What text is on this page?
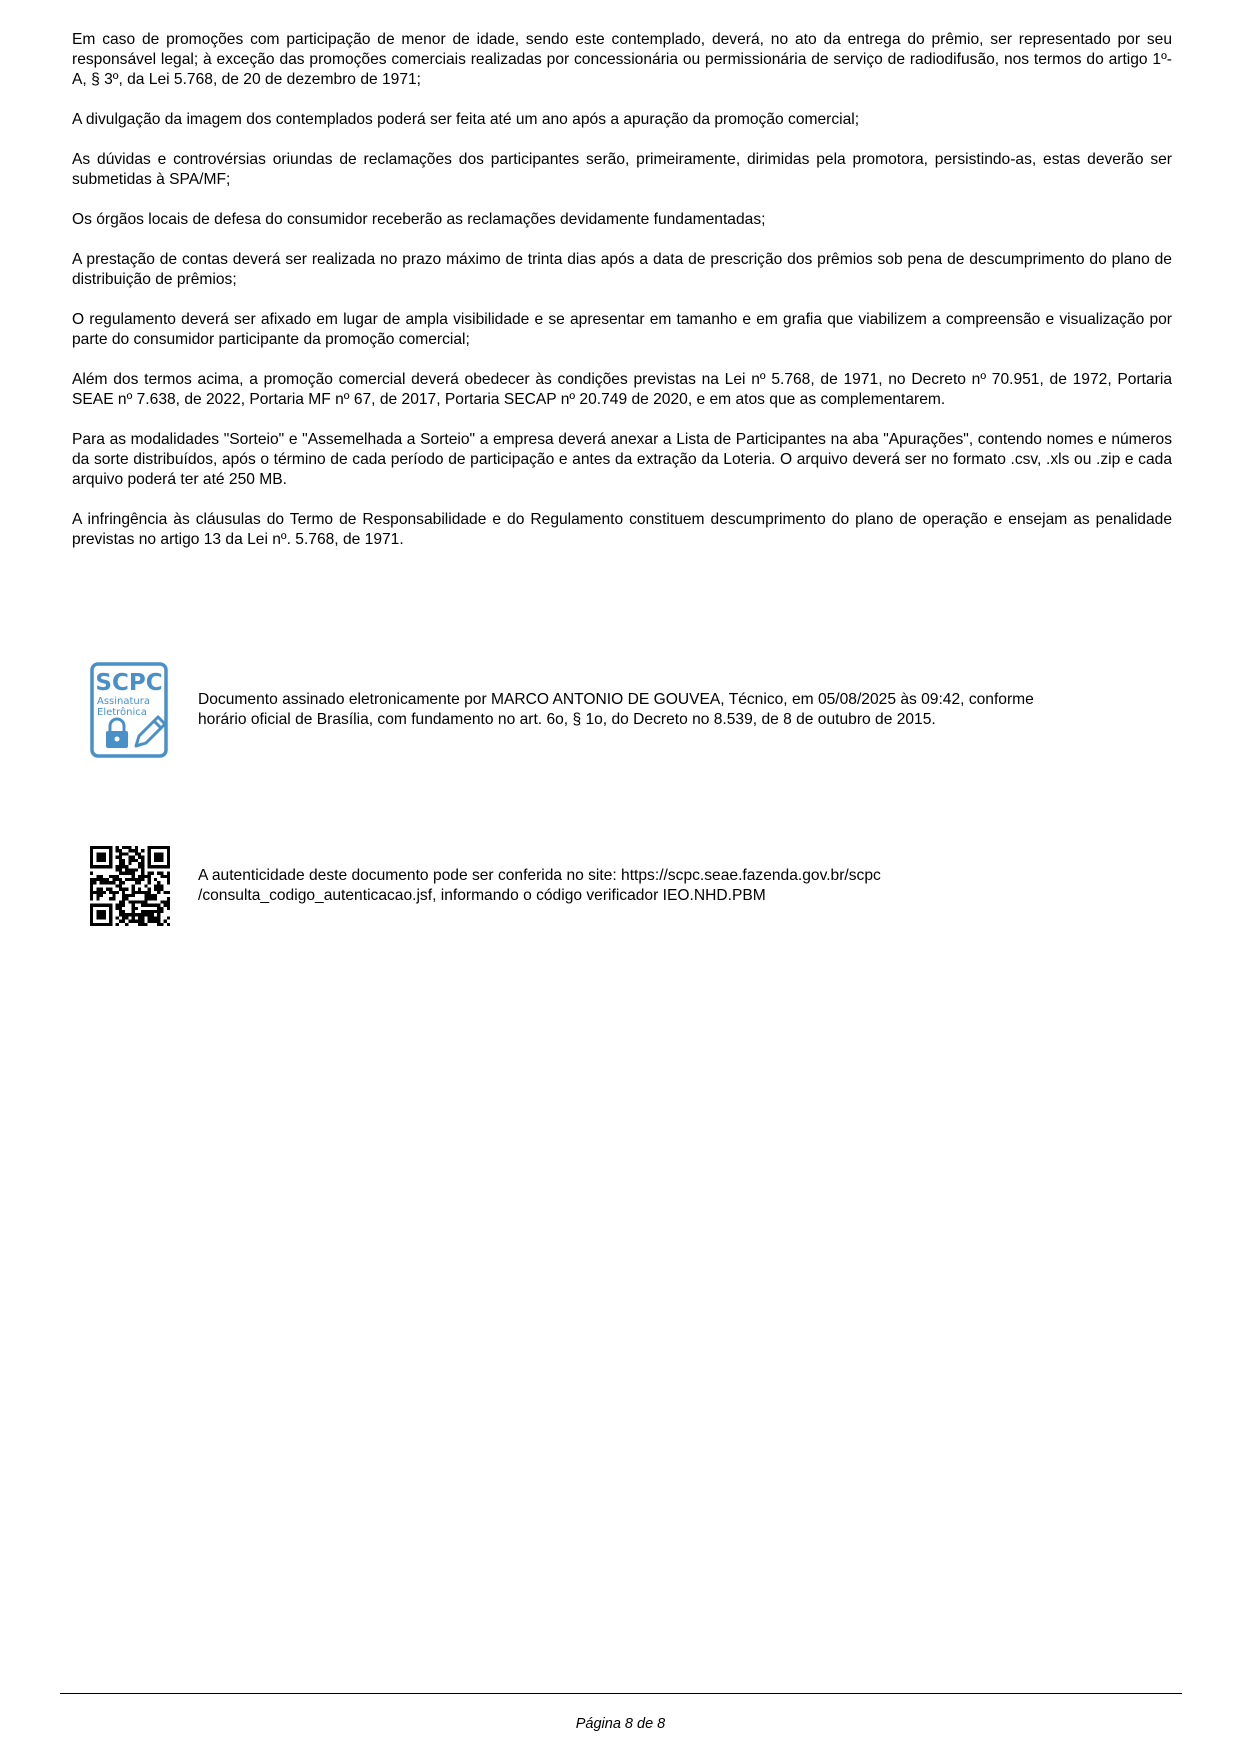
Em caso de promoções com participação de menor de idade, sendo este contemplado, deverá, no ato da entrega do prêmio, ser representado por seu responsável legal; à exceção das promoções comerciais realizadas por concessionária ou permissionária de serviço de radiodifusão, nos termos do artigo 1º-A, § 3º, da Lei 5.768, de 20 de dezembro de 1971;

A divulgação da imagem dos contemplados poderá ser feita até um ano após a apuração da promoção comercial;

As dúvidas e controvérsias oriundas de reclamações dos participantes serão, primeiramente, dirimidas pela promotora, persistindo-as, estas deverão ser submetidas à SPA/MF;

Os órgãos locais de defesa do consumidor receberão as reclamações devidamente fundamentadas;

A prestação de contas deverá ser realizada no prazo máximo de trinta dias após a data de prescrição dos prêmios sob pena de descumprimento do plano de distribuição de prêmios;

O regulamento deverá ser afixado em lugar de ampla visibilidade e se apresentar em tamanho e em grafia que viabilizem a compreensão e visualização por parte do consumidor participante da promoção comercial;

Além dos termos acima, a promoção comercial deverá obedecer às condições previstas na Lei nº 5.768, de 1971, no Decreto nº 70.951, de 1972, Portaria SEAE nº 7.638, de 2022, Portaria MF nº 67, de 2017, Portaria SECAP nº 20.749 de 2020, e em atos que as complementarem.

Para as modalidades "Sorteio" e "Assemelhada a Sorteio" a empresa deverá anexar a Lista de Participantes na aba "Apurações", contendo nomes e números da sorte distribuídos, após o término de cada período de participação e antes da extração da Loteria. O arquivo deverá ser no formato .csv, .xls ou .zip e cada arquivo poderá ter até 250 MB.

A infringência às cláusulas do Termo de Responsabilidade e do Regulamento constituem descumprimento do plano de operação e ensejam as penalidade previstas no artigo 13 da Lei nº. 5.768, de 1971.

SCPC
Assinatura
Eletrônica
Documento assinado eletronicamente por MARCO ANTONIO DE GOUVEA, Técnico, em 05/08/2025 às 09:42, conforme
horário oficial de Brasília, com fundamento no art. 6o, § 1o, do Decreto no 8.539, de 8 de outubro de 2015.
A autenticidade deste documento pode ser conferida no site: https://scpc.seae.fazenda.gov.br/scpc
/consulta_codigo_autenticacao.jsf, informando o código verificador IEO.NHD.PBM
Página 8 de 8
